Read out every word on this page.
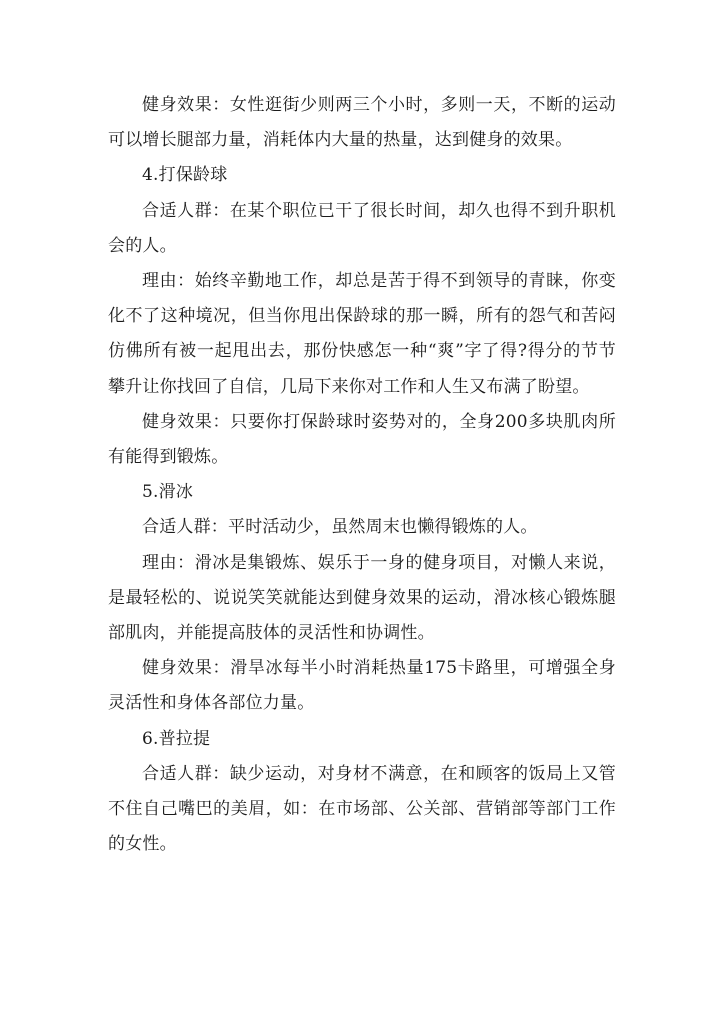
健身效果：女性逛街少则两三个小时，多则一天，不断的运动可以增长腿部力量，消耗体内大量的热量，达到健身的效果。

4.打保龄球

合适人群：在某个职位已干了很长时间，却久也得不到升职机会的人。

理由：始终辛勤地工作，却总是苦于得不到领导的青睐，你变化不了这种境况，但当你甩出保龄球的那一瞬，所有的怨气和苦闷仿佛所有被一起甩出去，那份快感怎一种“爽”字了得?得分的节节攀升让你找回了自信，几局下来你对工作和人生又布满了盼望。

健身效果：只要你打保龄球时姿势对的，全身200多块肌肉所有能得到锻炼。

5.滑冰

合适人群：平时活动少，虽然周末也懒得锻炼的人。

理由：滑冰是集锻炼、娱乐于一身的健身项目，对懒人来说，是最轻松的、说说笑笑就能达到健身效果的运动，滑冰核心锻炼腿部肌肉，并能提高肢体的灵活性和协调性。

健身效果：滑旱冰每半小时消耗热量175卡路里，可增强全身灵活性和身体各部位力量。

6.普拉提

合适人群：缺少运动，对身材不满意，在和顾客的饭局上又管不住自己嘴巴的美眉，如：在市场部、公关部、营销部等部门工作的女性。
